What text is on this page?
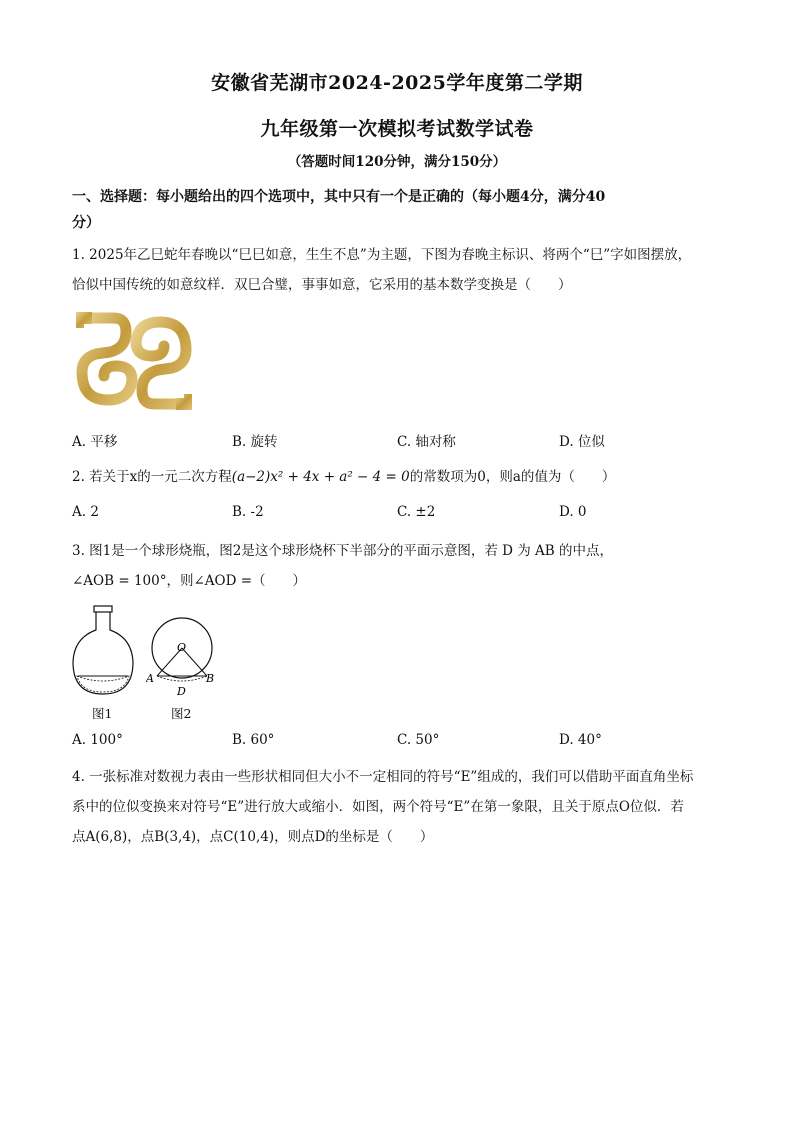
安徽省芜湖市2024-2025学年度第二学期
九年级第一次模拟考试数学试卷
（答题时间120分钟，满分150分）
一、选择题：每小题给出的四个选项中，其中只有一个是正确的（每小题4分，满分40
分）
1. 2025年乙巳蛇年春晚以“巳巳如意，生生不息”为主题，下图为春晚主标识、将两个“巳”字如图摆放，
恰似中国传统的如意纹样．双巳合璧，事事如意，它采用的基本数学变换是（　　）
A. 平移	B. 旋转	C. 轴对称	D. 位似
2. 若关于x的一元二次方程(a−2)x² + 4x + a² − 4 = 0的常数项为0，则a的值为（　　）
A. 2	B. -2	C. ±2	D. 0
3. 图1是一个球形烧瓶，图2是这个球形烧杯下半部分的平面示意图，若 D 为 AB 的中点，
∠AOB = 100°，则∠AOD =（　　）
图1
O
A	B
D
图2
A. 100°	B. 60°	C. 50°	D. 40°
4. 一张标准对数视力表由一些形状相同但大小不一定相同的符号“E”组成的，我们可以借助平面直角坐标
系中的位似变换来对符号“E”进行放大或缩小．如图，两个符号“E”在第一象限，且关于原点O位似．若
点A(6,8)，点B(3,4)，点C(10,4)，则点D的坐标是（　　）
